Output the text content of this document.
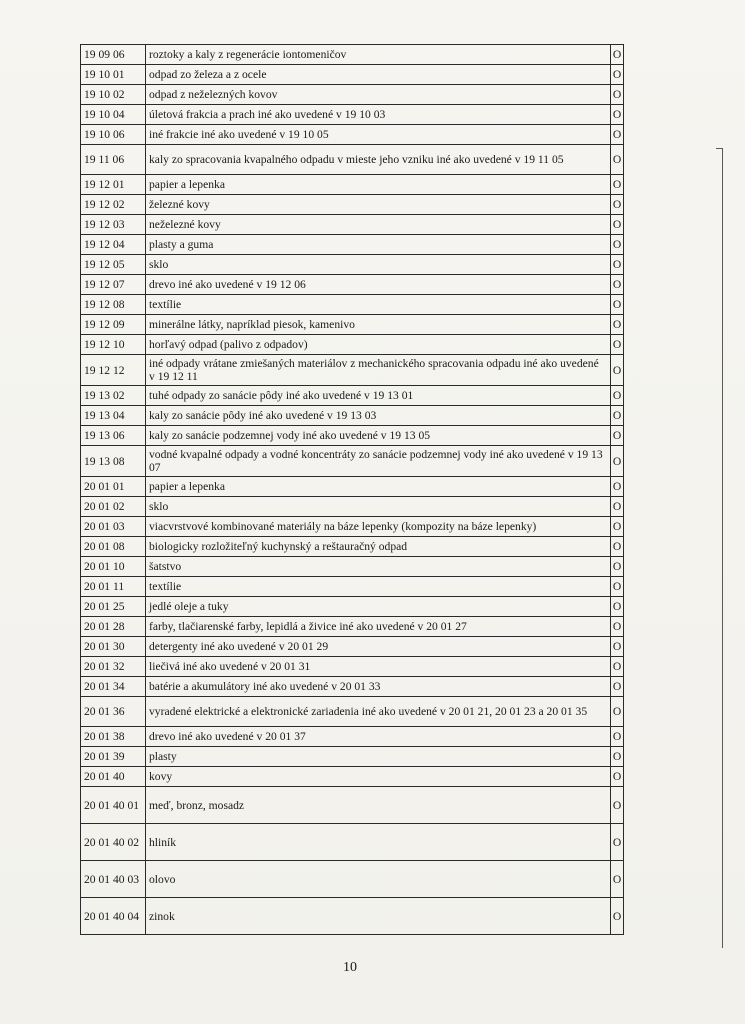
19 09 06	roztoky a kaly z regenerácie iontomeničov	O
19 10 01	odpad zo železa a z ocele	O
19 10 02	odpad z neželezných kovov	O
19 10 04	úletová frakcia a prach iné ako uvedené v 19 10 03	O
19 10 06	iné frakcie iné ako uvedené v 19 10 05	O
19 11 06	kaly zo spracovania kvapalného odpadu v mieste jeho vzniku iné ako uvedené v 19 11 05	O
19 12 01	papier a lepenka	O
19 12 02	železné kovy	O
19 12 03	neželezné kovy	O
19 12 04	plasty a guma	O
19 12 05	sklo	O
19 12 07	drevo iné ako uvedené v 19 12 06	O
19 12 08	textílie	O
19 12 09	minerálne látky, napríklad piesok, kamenivo	O
19 12 10	horľavý odpad (palivo z odpadov)	O
19 12 12	iné odpady vrátane zmiešaných materiálov z mechanického spracovania odpadu iné ako uvedené v 19 12 11	O
19 13 02	tuhé odpady zo sanácie pôdy iné ako uvedené v 19 13 01	O
19 13 04	kaly zo sanácie pôdy iné ako uvedené v 19 13 03	O
19 13 06	kaly zo sanácie podzemnej vody iné ako uvedené v 19 13 05	O
19 13 08	vodné kvapalné odpady a vodné koncentráty zo sanácie podzemnej vody iné ako uvedené v 19 13 07	O
20 01 01	papier a lepenka	O
20 01 02	sklo	O
20 01 03	viacvrstvové kombinované materiály na báze lepenky (kompozity na báze lepenky)	O
20 01 08	biologicky rozložiteľný kuchynský a reštauračný odpad	O
20 01 10	šatstvo	O
20 01 11	textílie	O
20 01 25	jedlé oleje a tuky	O
20 01 28	farby, tlačiarenské farby, lepidlá a živice iné ako uvedené v 20 01 27	O
20 01 30	detergenty iné ako uvedené v 20 01 29	O
20 01 32	liečivá iné ako uvedené v 20 01 31	O
20 01 34	batérie a akumulátory iné ako uvedené v 20 01 33	O
20 01 36	vyradené elektrické a elektronické zariadenia iné ako uvedené v 20 01 21, 20 01 23 a 20 01 35	O
20 01 38	drevo iné ako uvedené v 20 01 37	O
20 01 39	plasty	O
20 01 40	kovy	O
20 01 40 01	meď, bronz, mosadz	O
20 01 40 02	hliník	O
20 01 40 03	olovo	O
20 01 40 04	zinok	O
10
